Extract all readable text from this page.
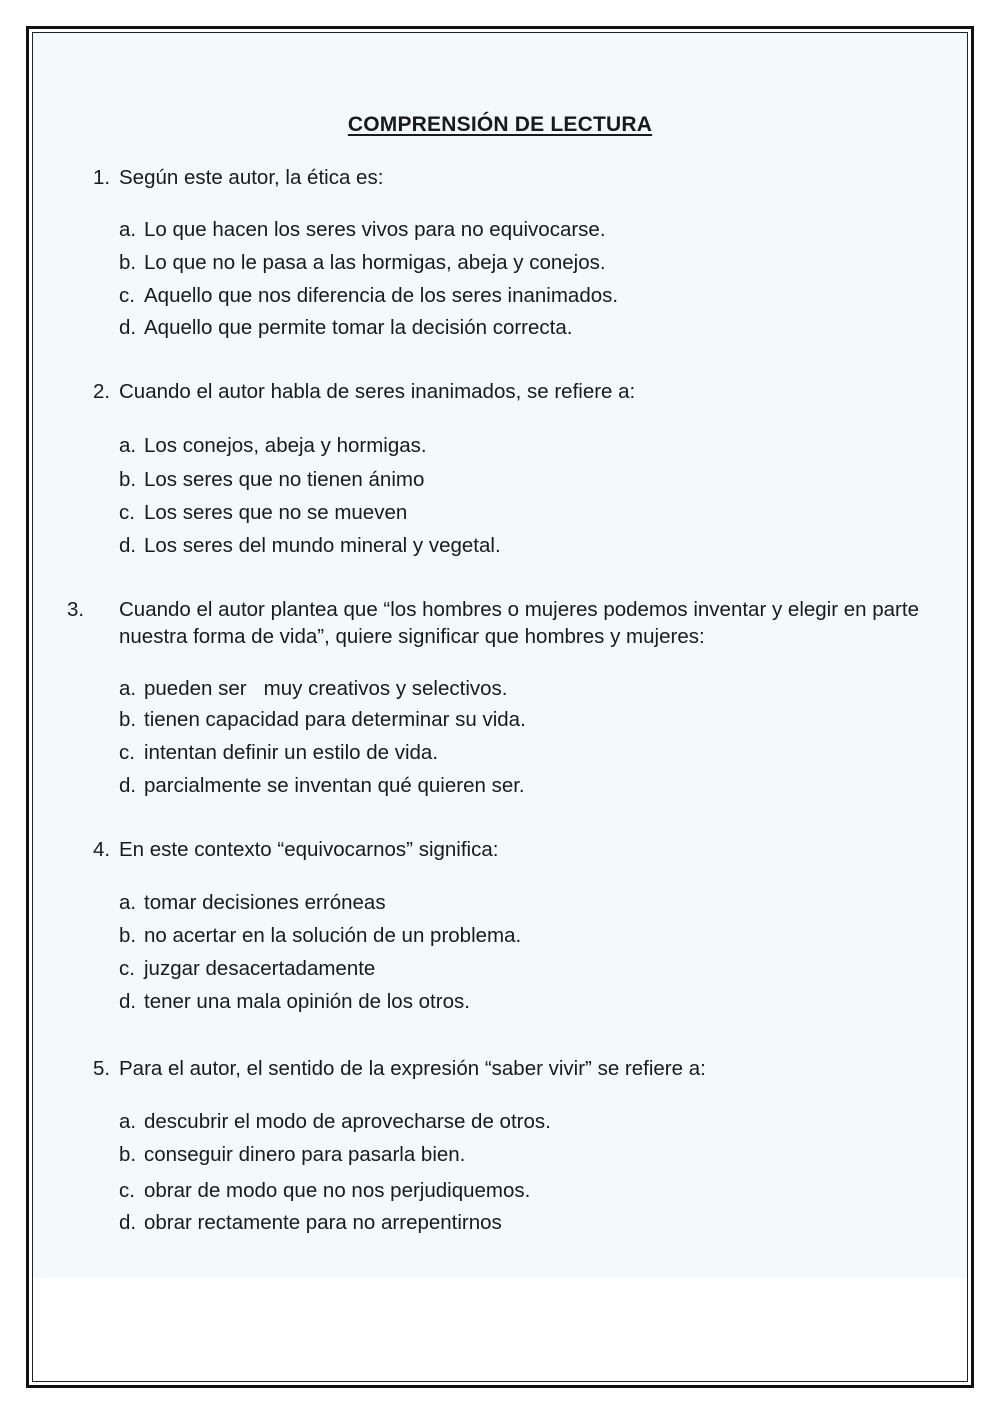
COMPRENSIÓN DE LECTURA
1. Según este autor, la ética es:
a. Lo que hacen los seres vivos para no equivocarse.
b. Lo que no le pasa a las hormigas, abeja y conejos.
c. Aquello que nos diferencia de los seres inanimados.
d. Aquello que permite tomar la decisión correcta.
2. Cuando el autor habla de seres inanimados, se refiere a:
a. Los conejos, abeja y hormigas.
b. Los seres que no tienen ánimo
c. Los seres que no se mueven
d. Los seres del mundo mineral y vegetal.
3. Cuando el autor plantea que “los hombres o mujeres podemos inventar y elegir en parte nuestra forma de vida”, quiere significar que hombres y mujeres:
a. pueden ser   muy creativos y selectivos.
b. tienen capacidad para determinar su vida.
c. intentan definir un estilo de vida.
d. parcialmente se inventan qué quieren ser.
4. En este contexto “equivocarnos” significa:
a. tomar decisiones erróneas
b. no acertar en la solución de un problema.
c. juzgar desacertadamente
d. tener una mala opinión de los otros.
5. Para el autor, el sentido de la expresión “saber vivir” se refiere a:
a. descubrir el modo de aprovecharse de otros.
b. conseguir dinero para pasarla bien.
c. obrar de modo que no nos perjudiquemos.
d. obrar rectamente para no arrepentirnos
